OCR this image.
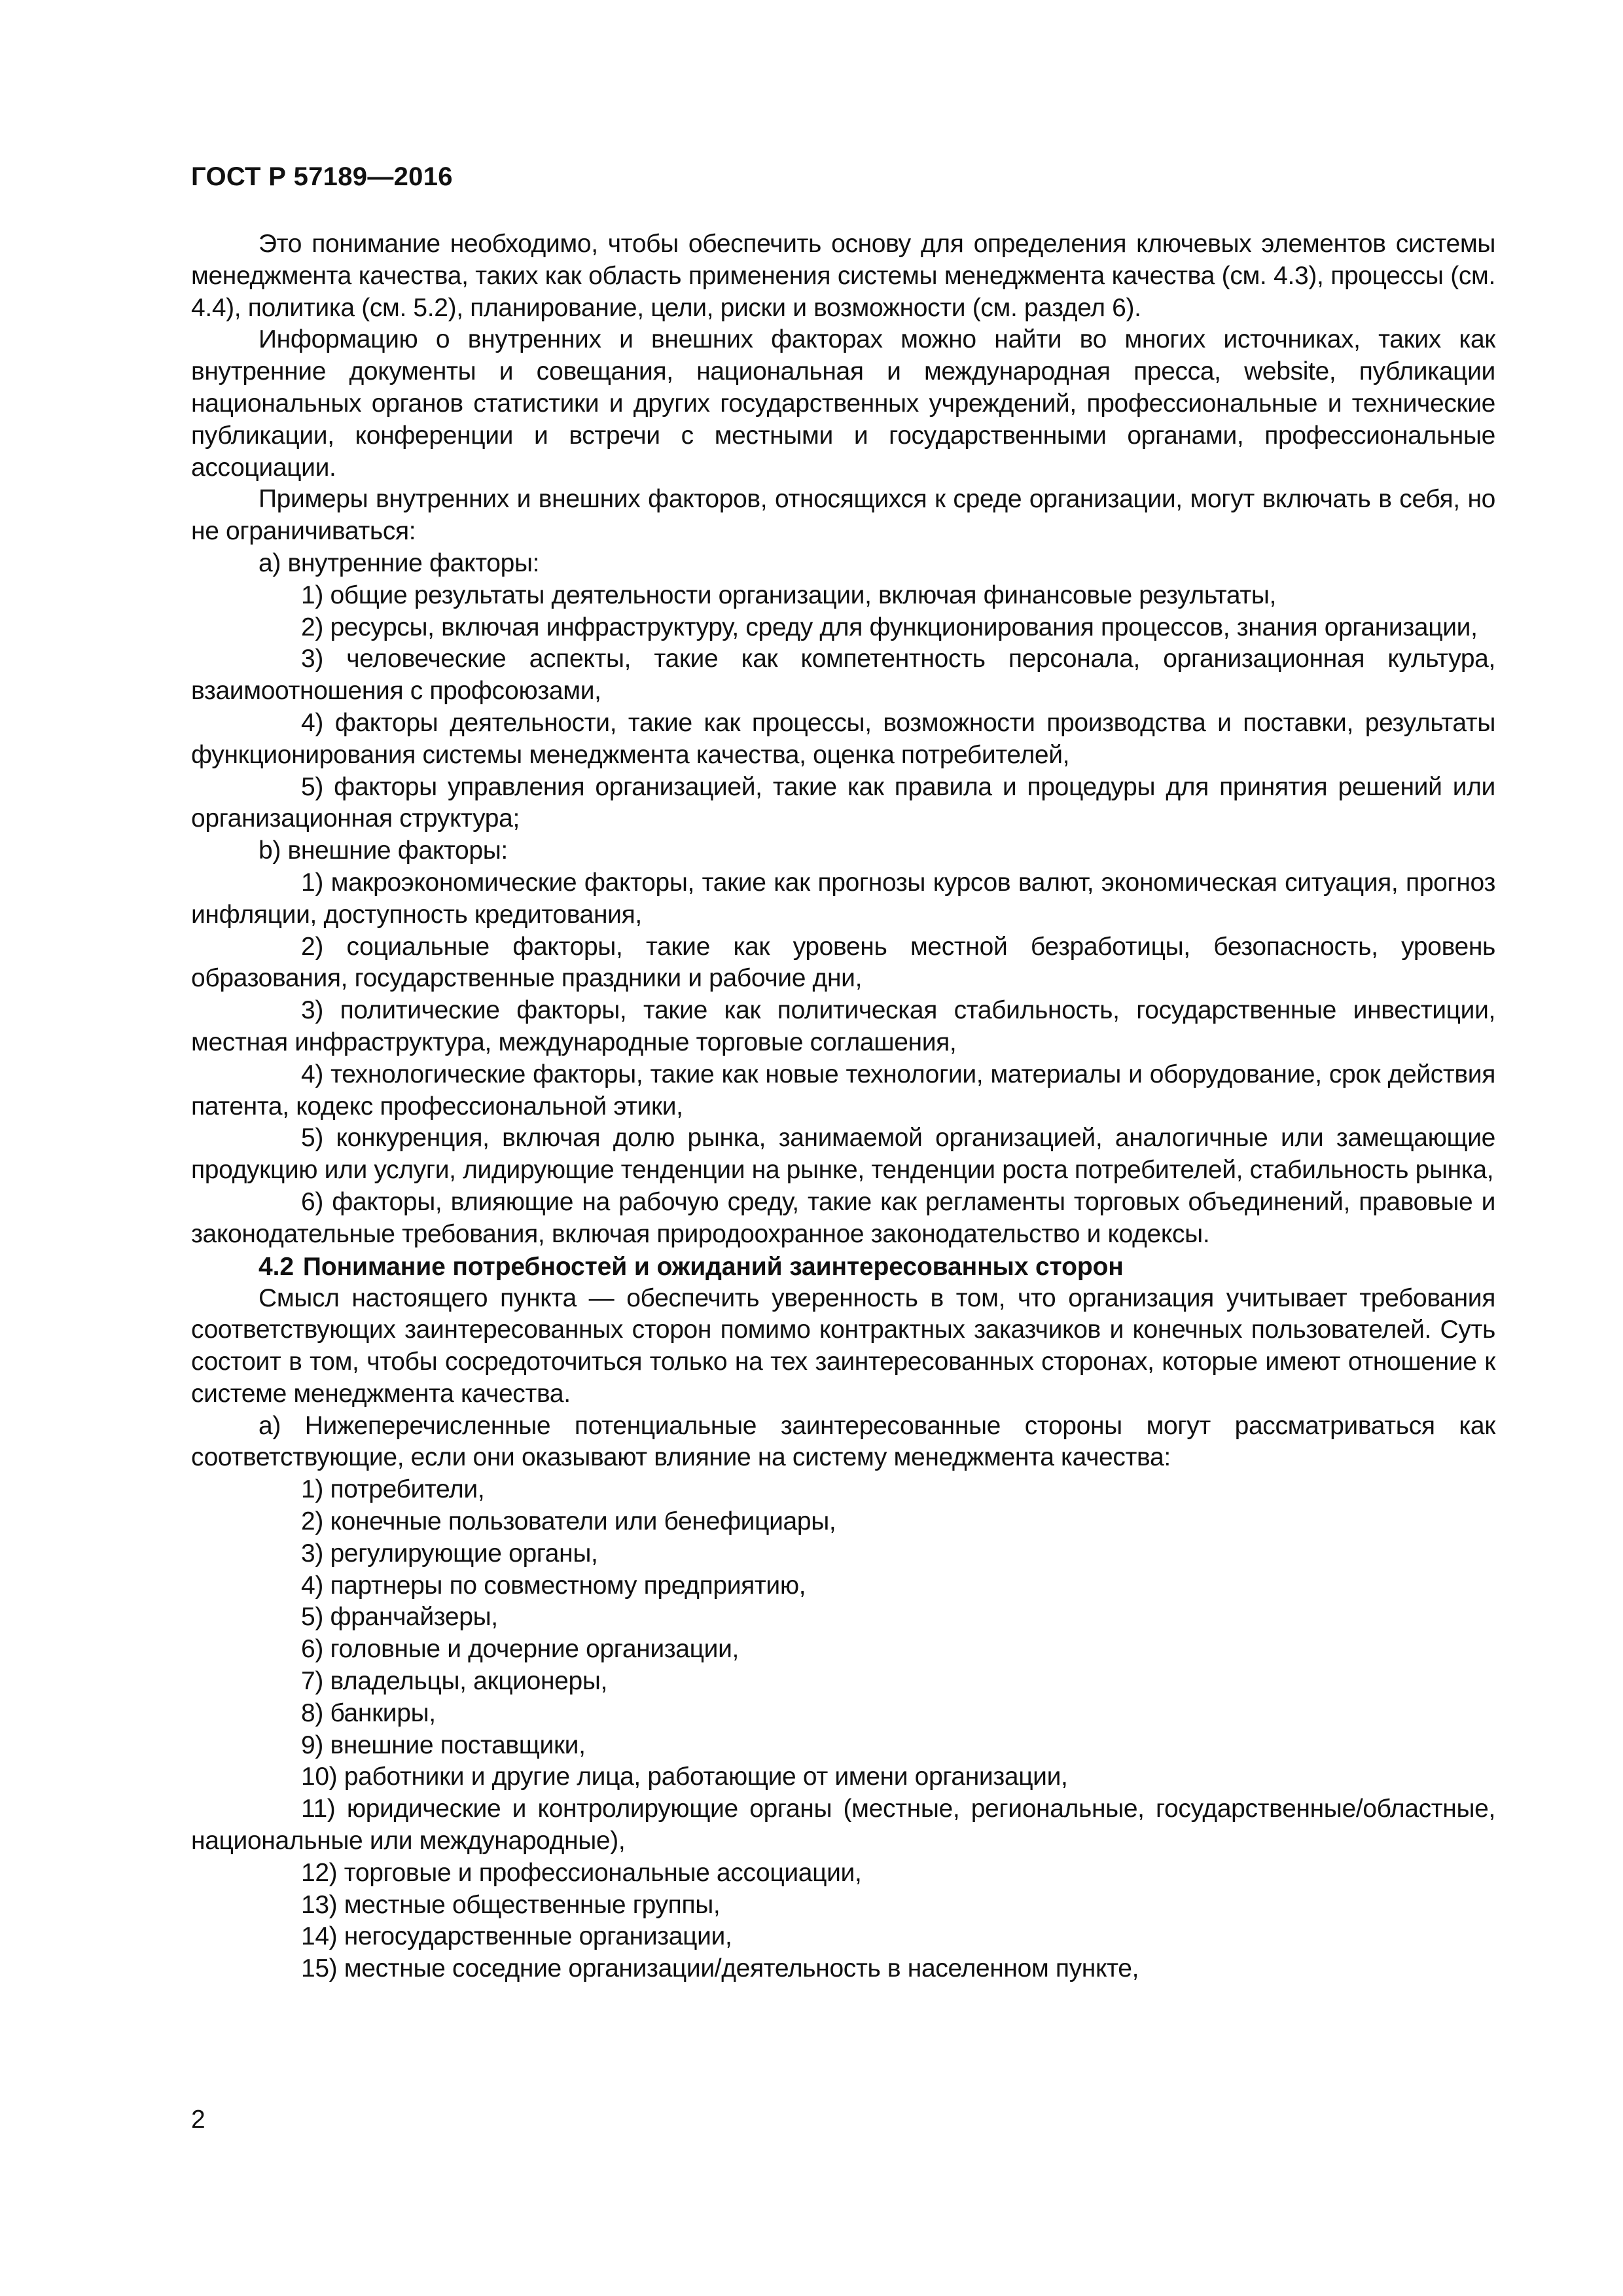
ГОСТ Р 57189—2016

Это понимание необходимо, чтобы обеспечить основу для определения ключевых элементов системы менеджмента качества, таких как область применения системы менеджмента качества (см. 4.3), процессы (см. 4.4), политика (см. 5.2), планирование, цели, риски и возможности (см. раздел 6).

Информацию о внутренних и внешних факторах можно найти во многих источниках, таких как внутренние документы и совещания, национальная и международная пресса, website, публикации национальных органов статистики и других государственных учреждений, профессиональные и технические публикации, конференции и встречи с местными и государственными органами, профессиональные ассоциации.

Примеры внутренних и внешних факторов, относящихся к среде организации, могут включать в себя, но не ограничиваться:

а) внутренние факторы:

1) общие результаты деятельности организации, включая финансовые результаты,

2) ресурсы, включая инфраструктуру, среду для функционирования процессов, знания организации,

3) человеческие аспекты, такие как компетентность персонала, организационная культура, взаимоотношения с профсоюзами,

4) факторы деятельности, такие как процессы, возможности производства и поставки, результаты функционирования системы менеджмента качества, оценка потребителей,

5) факторы управления организацией, такие как правила и процедуры для принятия решений или организационная структура;

b) внешние факторы:

1) макроэкономические факторы, такие как прогнозы курсов валют, экономическая ситуация, прогноз инфляции, доступность кредитования,

2) социальные факторы, такие как уровень местной безработицы, безопасность, уровень образования, государственные праздники и рабочие дни,

3) политические факторы, такие как политическая стабильность, государственные инвестиции, местная инфраструктура, международные торговые соглашения,

4) технологические факторы, такие как новые технологии, материалы и оборудование, срок действия патента, кодекс профессиональной этики,

5) конкуренция, включая долю рынка, занимаемой организацией, аналогичные или замещающие продукцию или услуги, лидирующие тенденции на рынке, тенденции роста потребителей, стабильность рынка,

6) факторы, влияющие на рабочую среду, такие как регламенты торговых объединений, правовые и законодательные требования, включая природоохранное законодательство и кодексы.

4.2 Понимание потребностей и ожиданий заинтересованных сторон

Смысл настоящего пункта — обеспечить уверенность в том, что организация учитывает требования соответствующих заинтересованных сторон помимо контрактных заказчиков и конечных пользователей. Суть состоит в том, чтобы сосредоточиться только на тех заинтересованных сторонах, которые имеют отношение к системе менеджмента качества.

а) Нижеперечисленные потенциальные заинтересованные стороны могут рассматриваться как соответствующие, если они оказывают влияние на систему менеджмента качества:

1) потребители,

2) конечные пользователи или бенефициары,

3) регулирующие органы,

4) партнеры по совместному предприятию,

5) франчайзеры,

6) головные и дочерние организации,

7) владельцы, акционеры,

8) банкиры,

9) внешние поставщики,

10) работники и другие лица, работающие от имени организации,

11) юридические и контролирующие органы (местные, региональные, государственные/областные, национальные или международные),

12) торговые и профессиональные ассоциации,

13) местные общественные группы,

14) негосударственные организации,

15) местные соседние организации/деятельность в населенном пункте,

2
